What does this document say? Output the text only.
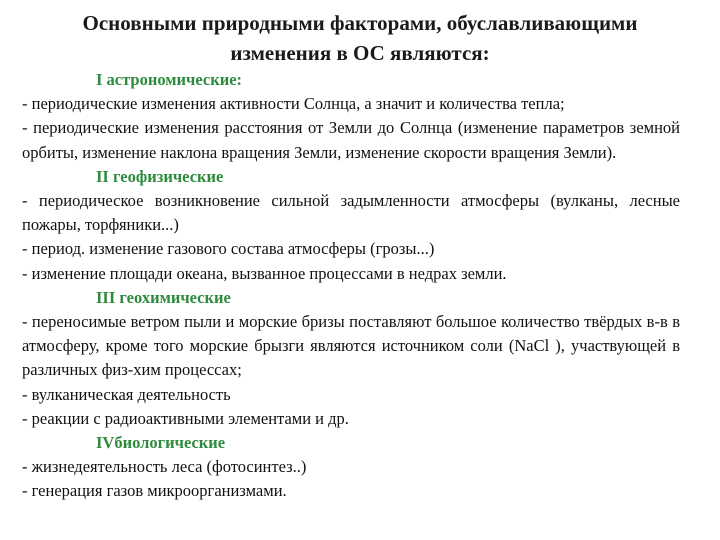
Основными природными факторами, обуславливающими
изменения в ОС являются:
I астрономические:
- периодические изменения активности Солнца, а значит и количества тепла;
- периодические изменения расстояния от Земли до Солнца (изменение параметров земной орбиты, изменение наклона вращения Земли, изменение скорости вращения Земли).
II геофизические
- периодическое возникновение сильной задымленности атмосферы (вулканы, лесные пожары, торфяники...)
- период. изменение газового состава атмосферы (грозы...)
- изменение площади океана, вызванное процессами в недрах земли.
III геохимические
- переносимые ветром пыли и морские бризы поставляют большое количество твёрдых в-в в атмосферу, кроме того морские брызги являются источником соли (NaCl ), участвующей в различных физ-хим процессах;
- вулканическая деятельность
- реакции с радиоактивными элементами и др.
IVбиологические
- жизнедеятельность леса (фотосинтез..)
- генерация газов микроорганизмами.
